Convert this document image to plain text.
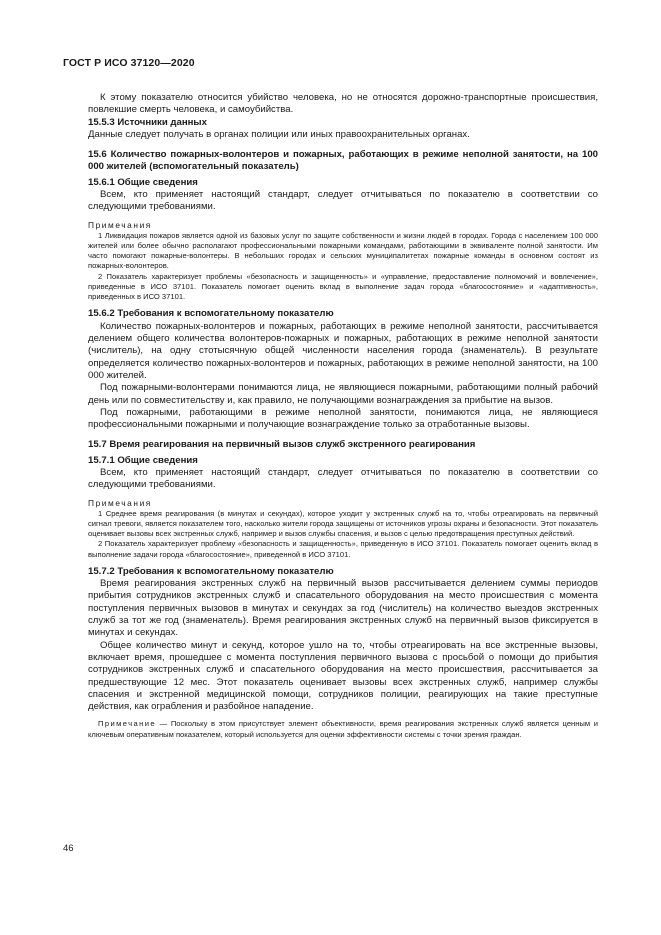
ГОСТ Р ИСО 37120—2020

К этому показателю относится убийство человека, но не относятся дорожно-транспортные происшествия, повлекшие смерть человека, и самоубийства.

15.5.3 Источники данных

Данные следует получать в органах полиции или иных правоохранительных органах.

15.6 Количество пожарных-волонтеров и пожарных, работающих в режиме неполной занятости, на 100 000 жителей (вспомогательный показатель)

15.6.1 Общие сведения

Всем, кто применяет настоящий стандарт, следует отчитываться по показателю в соответствии со следующими требованиями.

Примечания

1 Ликвидация пожаров является одной из базовых услуг по защите собственности и жизни людей в городах. Города с населением 100 000 жителей или более обычно располагают профессиональными пожарными командами, работающими в эквиваленте полной занятости. Им часто помогают пожарные-волонтеры. В небольших городах и сельских муниципалитетах пожарные команды в основном состоят из пожарных-волонтеров.

2 Показатель характеризует проблемы «безопасность и защищенность» и «управление, предоставление полномочий и вовлечение», приведенные в ИСО 37101. Показатель помогает оценить вклад в выполнение задач города «благосостояние» и «адаптивность», приведенных в ИСО 37101.

15.6.2 Требования к вспомогательному показателю

Количество пожарных-волонтеров и пожарных, работающих в режиме неполной занятости, рассчитывается делением общего количества волонтеров-пожарных и пожарных, работающих в режиме неполной занятости (числитель), на одну стотысячную общей численности населения города (знаменатель). В результате определяется количество пожарных-волонтеров и пожарных, работающих в режиме неполной занятости, на 100 000 жителей.

Под пожарными-волонтерами понимаются лица, не являющиеся пожарными, работающими полный рабочий день или по совместительству и, как правило, не получающими вознаграждения за прибытие на вызов.

Под пожарными, работающими в режиме неполной занятости, понимаются лица, не являющиеся профессиональными пожарными и получающие вознаграждение только за отработанные вызовы.

15.7 Время реагирования на первичный вызов служб экстренного реагирования

15.7.1 Общие сведения

Всем, кто применяет настоящий стандарт, следует отчитываться по показателю в соответствии со следующими требованиями.

Примечания

1 Среднее время реагирования (в минутах и секундах), которое уходит у экстренных служб на то, чтобы отреагировать на первичный сигнал тревоги, является показателем того, насколько жители города защищены от источников угрозы охраны и безопасности. Этот показатель оценивает вызовы всех экстренных служб, например и вызов службы спасения, и вызов с целью предотвращения преступных действий.

2 Показатель характеризует проблему «безопасность и защищенность», приведенную в ИСО 37101. Показатель помогает оценить вклад в выполнение задачи города «благосостояние», приведенной в ИСО 37101.

15.7.2 Требования к вспомогательному показателю

Время реагирования экстренных служб на первичный вызов рассчитывается делением суммы периодов прибытия сотрудников экстренных служб и спасательного оборудования на место происшествия с момента поступления первичных вызовов в минутах и секундах за год (числитель) на количество выездов экстренных служб за тот же год (знаменатель). Время реагирования экстренных служб на первичный вызов фиксируется в минутах и секундах.

Общее количество минут и секунд, которое ушло на то, чтобы отреагировать на все экстренные вызовы, включает время, прошедшее с момента поступления первичного вызова с просьбой о помощи до прибытия сотрудников экстренных служб и спасательного оборудования на место происшествия, рассчитывается за предшествующие 12 мес. Этот показатель оценивает вызовы всех экстренных служб, например службы спасения и экстренной медицинской помощи, сотрудников полиции, реагирующих на такие преступные действия, как ограбления и разбойное нападение.

Примечание — Поскольку в этом присутствует элемент объективности, время реагирования экстренных служб является ценным и ключевым оперативным показателем, который используется для оценки эффективности системы с точки зрения граждан.

46
